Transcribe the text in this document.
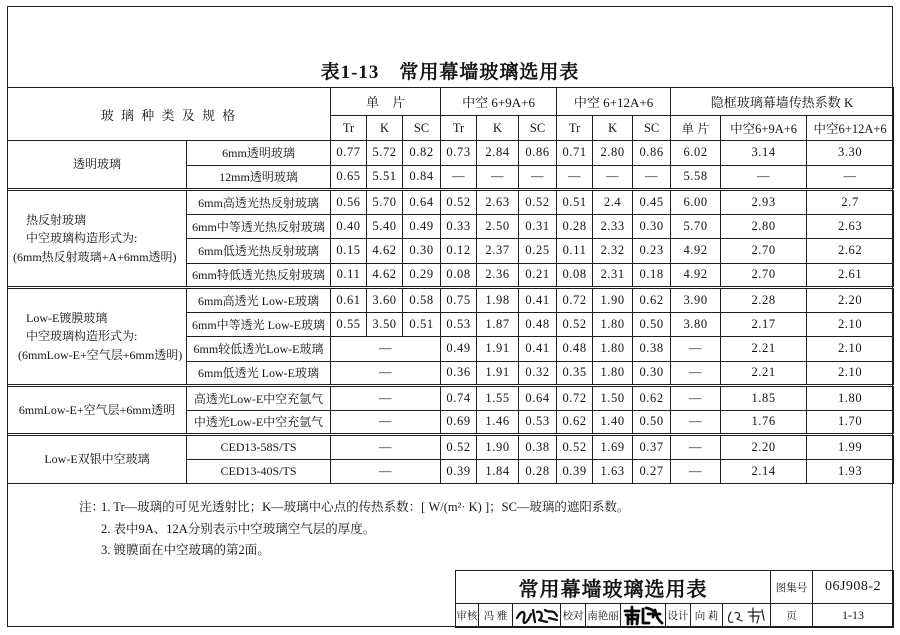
表1-13　常用幕墙玻璃选用表
玻 璃 种 类 及 规 格		单　片			中空 6+9A+6			中空 6+12A+6			隐框玻璃幕墙传热系数 K		
		Tr	K	SC	Tr	K	SC	Tr	K	SC	单 片	中空6+9A+6	中空6+12A+6

透明玻璃	6mm透明玻璃	0.77	5.72	0.82	0.73	2.84	0.86	0.71	2.80	0.86	6.02	3.14	3.30
	12mm透明玻璃	0.65	5.51	0.84	—	—	—	—	—	—	5.58	—	—

热反射玻璃
中空玻璃构造形式为:
(6mm热反射玻璃+A+6mm透明)	6mm高透光热反射玻璃	0.56	5.70	0.64	0.52	2.63	0.52	0.51	2.4	0.45	6.00	2.93	2.7
	6mm中等透光热反射玻璃	0.40	5.40	0.49	0.33	2.50	0.31	0.28	2.33	0.30	5.70	2.80	2.63
	6mm低透光热反射玻璃	0.15	4.62	0.30	0.12	2.37	0.25	0.11	2.32	0.23	4.92	2.70	2.62
	6mm特低透光热反射玻璃	0.11	4.62	0.29	0.08	2.36	0.21	0.08	2.31	0.18	4.92	2.70	2.61

Low-E镀膜玻璃
中空玻璃构造形式为:
(6mmLow-E+空气层+6mm透明)	6mm高透光 Low-E玻璃	0.61	3.60	0.58	0.75	1.98	0.41	0.72	1.90	0.62	3.90	2.28	2.20
	6mm中等透光 Low-E玻璃	0.55	3.50	0.51	0.53	1.87	0.48	0.52	1.80	0.50	3.80	2.17	2.10
	6mm较低透光Low-E玻璃	—			0.49	1.91	0.41	0.48	1.80	0.38	—	2.21	2.10
	6mm低透光 Low-E玻璃	—			0.36	1.91	0.32	0.35	1.80	0.30	—	2.21	2.10

6mmLow-E+空气层+6mm透明	高透光Low-E中空充氩气	—			0.74	1.55	0.64	0.72	1.50	0.62	—	1.85	1.80
	中透光Low-E中空充氩气	—			0.69	1.46	0.53	0.62	1.40	0.50	—	1.76	1.70

Low-E双银中空玻璃	CED13-58S/TS	—			0.52	1.90	0.38	0.52	1.69	0.37	—	2.20	1.99
	CED13-40S/TS	—			0.39	1.84	0.28	0.39	1.63	0.27	—	2.14	1.93
注：1. Tr—玻璃的可见光透射比；K—玻璃中心点的传热系数：[ W/(m²· K) ]；SC—玻璃的遮阳系数。
2. 表中9A、12A分别表示中空玻璃空气层的厚度。
3. 镀膜面在中空玻璃的第2面。
常用幕墙玻璃选用表									图集号	06J908-2
审核	冯 雅		校对	南艳丽		设计	向 莉		页	1-13
